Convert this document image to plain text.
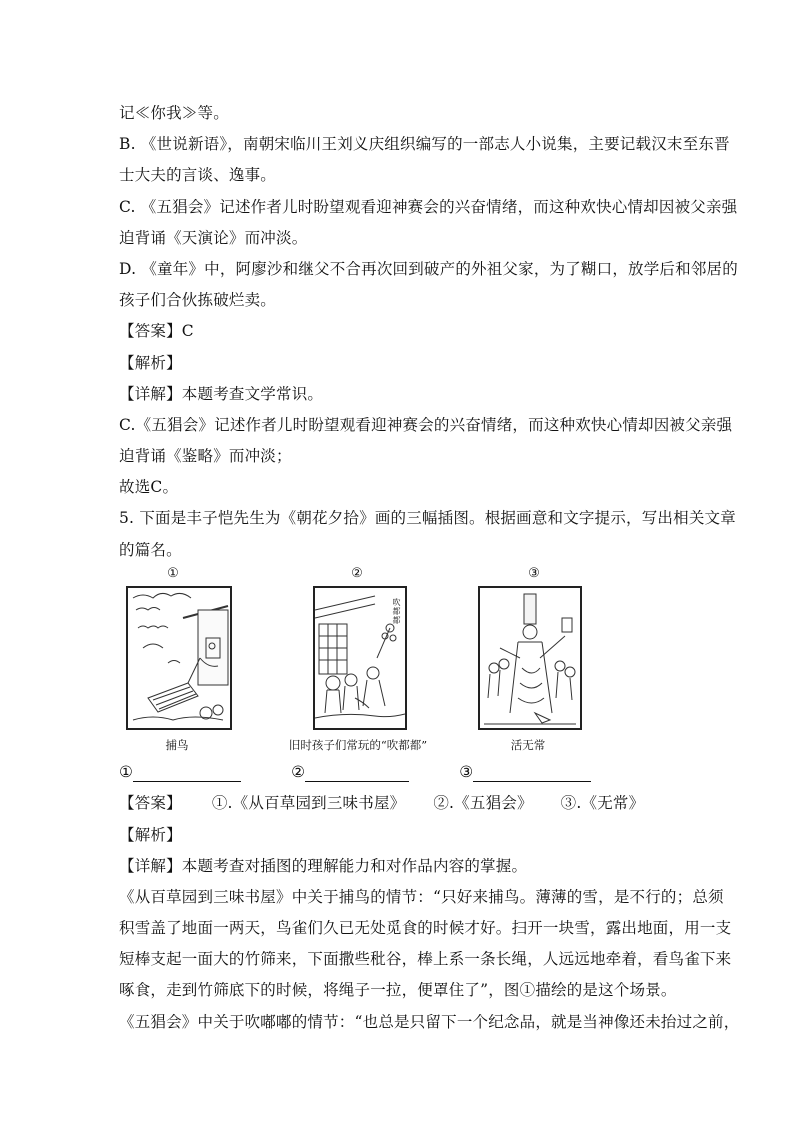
记≪你我≫等。
B. 《世说新语》，南朝宋临川王刘义庆组织编写的一部志人小说集，主要记载汉末至东晋
士大夫的言谈、逸事。
C. 《五猖会》记述作者儿时盼望观看迎神赛会的兴奋情绪，而这种欢快心情却因被父亲强
迫背诵《天演论》而冲淡。
D. 《童年》中，阿廖沙和继父不合再次回到破产的外祖父家，为了糊口，放学后和邻居的
孩子们合伙拣破烂卖。
【答案】C
【解析】
【详解】本题考查文学常识。
C.《五猖会》记述作者儿时盼望观看迎神赛会的兴奋情绪，而这种欢快心情却因被父亲强
迫背诵《鉴略》而冲淡；
故选C。
5. 下面是丰子恺先生为《朝花夕拾》画的三幅插图。根据画意和文字提示，写出相关文章
的篇名。
①
捕鸟
②
吹都都
旧时孩子们常玩的“吹都都”
③
活无常
①	②	③
【答案】 ①.《从百草园到三味书屋》 ②.《五猖会》 ③.《无常》
【解析】
【详解】本题考查对插图的理解能力和对作品内容的掌握。
《从百草园到三味书屋》中关于捕鸟的情节：“只好来捕鸟。薄薄的雪，是不行的；总须
积雪盖了地面一两天，鸟雀们久已无处觅食的时候才好。扫开一块雪，露出地面，用一支
短棒支起一面大的竹筛来，下面撒些秕谷，棒上系一条长绳，人远远地牵着，看鸟雀下来
啄食，走到竹筛底下的时候，将绳子一拉，便罩住了”，图①描绘的是这个场景。
《五猖会》中关于吹嘟嘟的情节：“也总是只留下一个纪念品，就是当神像还未抬过之前，
